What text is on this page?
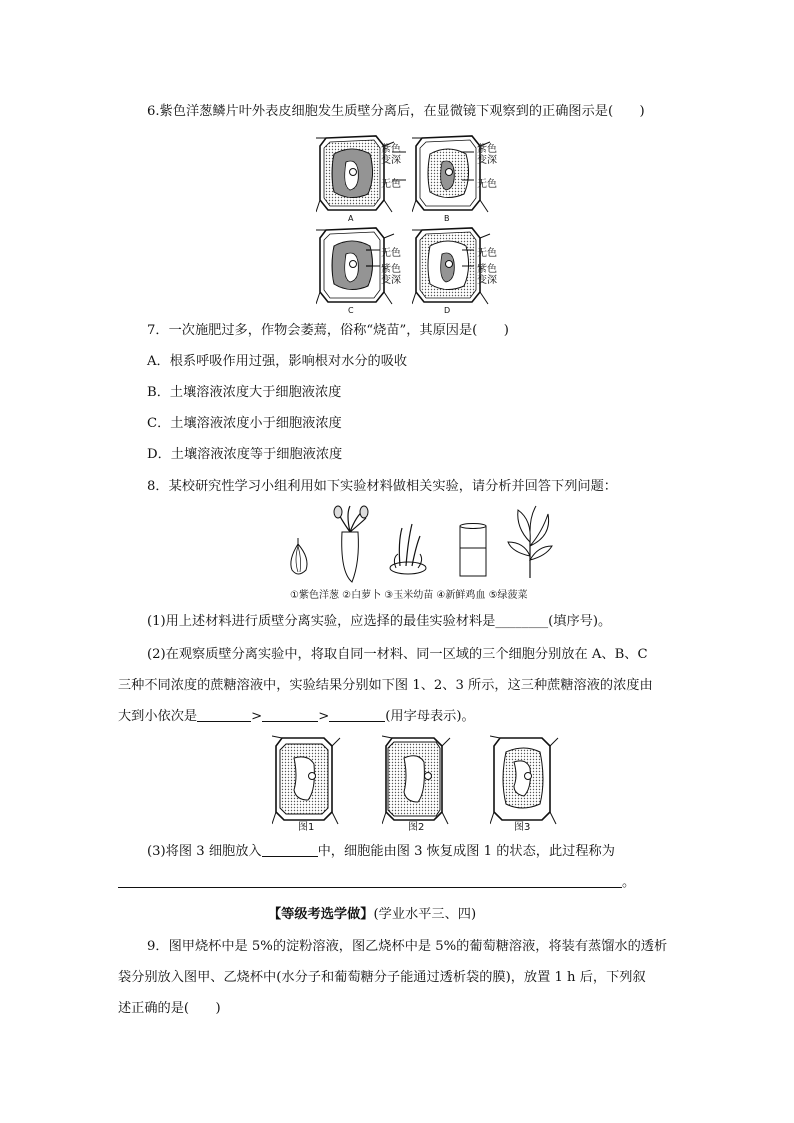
6.紫色洋葱鳞片叶外表皮细胞发生质壁分离后，在显微镜下观察到的正确图示是(　　)
A
紫色
变深
无色
B
紫色
变深
无色
C
无色
紫色
变深
D
无色
紫色
变深
7．一次施肥过多，作物会萎蔫，俗称“烧苗”，其原因是(　　)
A．根系呼吸作用过强，影响根对水分的吸收
B．土壤溶液浓度大于细胞液浓度
C．土壤溶液浓度小于细胞液浓度
D．土壤溶液浓度等于细胞液浓度
8．某校研究性学习小组利用如下实验材料做相关实验，请分析并回答下列问题：
①紫色洋葱 ②白萝卜 ③玉米幼苗 ④新鲜鸡血 ⑤绿菠菜
(1)用上述材料进行质壁分离实验，应选择的最佳实验材料是________(填序号)。
(2)在观察质壁分离实验中，将取自同一材料、同一区域的三个细胞分别放在 A、B、C
三种不同浓度的蔗糖溶液中，实验结果分别如下图 1、2、3 所示，这三种蔗糖溶液的浓度由
大到小依次是	>	>	(用字母表示)。
图1	图2	图3
(3)将图 3 细胞放入	中，细胞能由图 3 恢复成图 1 的状态，此过程称为
。
【等级考选学做】(学业水平三、四)
9．图甲烧杯中是 5%的淀粉溶液，图乙烧杯中是 5%的葡萄糖溶液，将装有蒸馏水的透析
袋分别放入图甲、乙烧杯中(水分子和葡萄糖分子能通过透析袋的膜)，放置 1 h 后，下列叙
述正确的是(　　)
